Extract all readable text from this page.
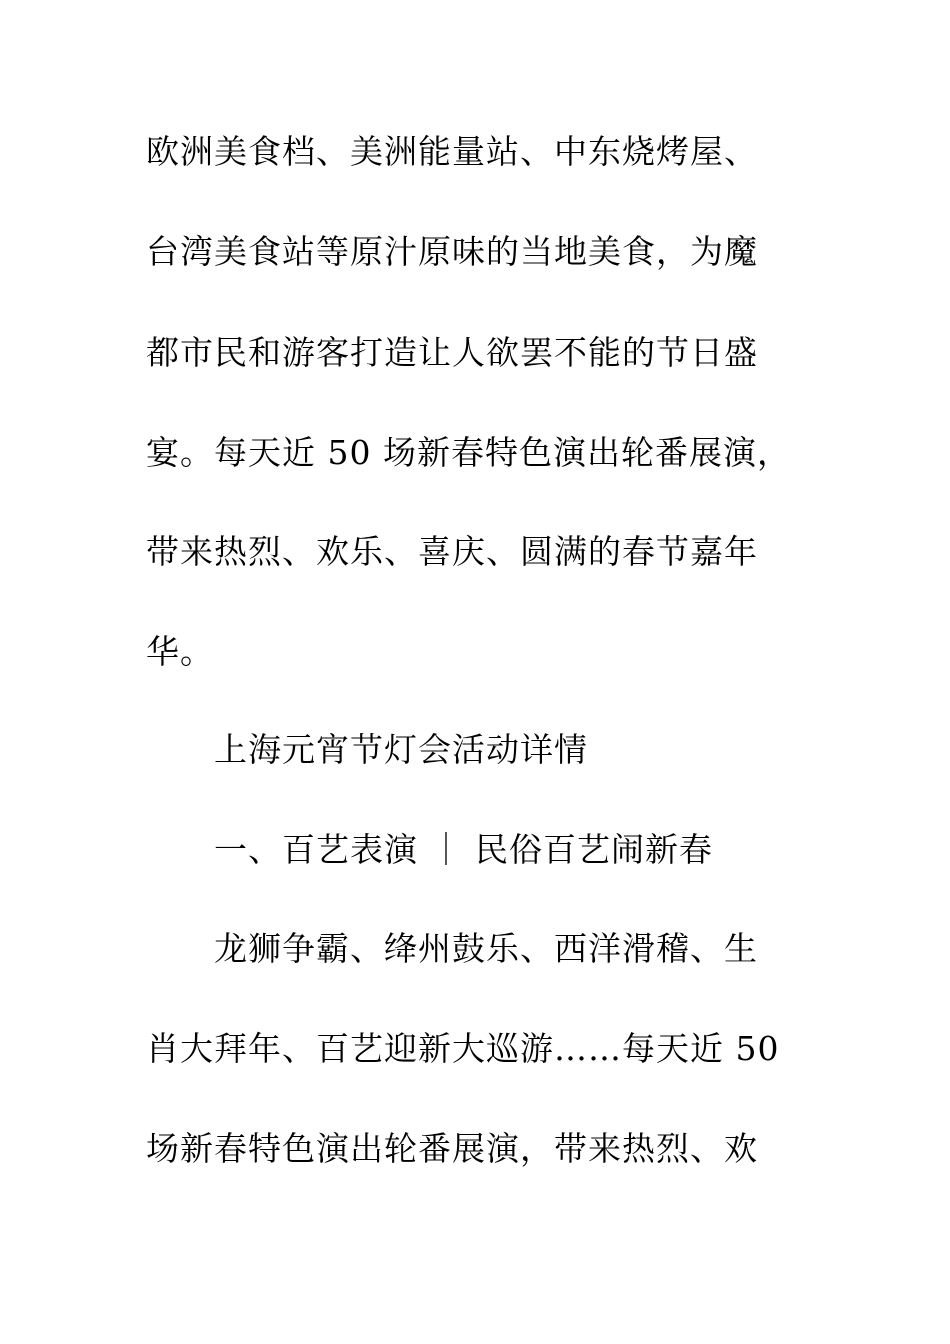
欧洲美食档、美洲能量站、中东烧烤屋、
台湾美食站等原汁原味的当地美食，为魔
都市民和游客打造让人欲罢不能的节日盛
宴。每天近 50 场新春特色演出轮番展演，
带来热烈、欢乐、喜庆、圆满的春节嘉年
华。
上海元宵节灯会活动详情
一、百艺表演 ｜ 民俗百艺闹新春
龙狮争霸、绛州鼓乐、西洋滑稽、生
肖大拜年、百艺迎新大巡游……每天近 50
场新春特色演出轮番展演，带来热烈、欢
